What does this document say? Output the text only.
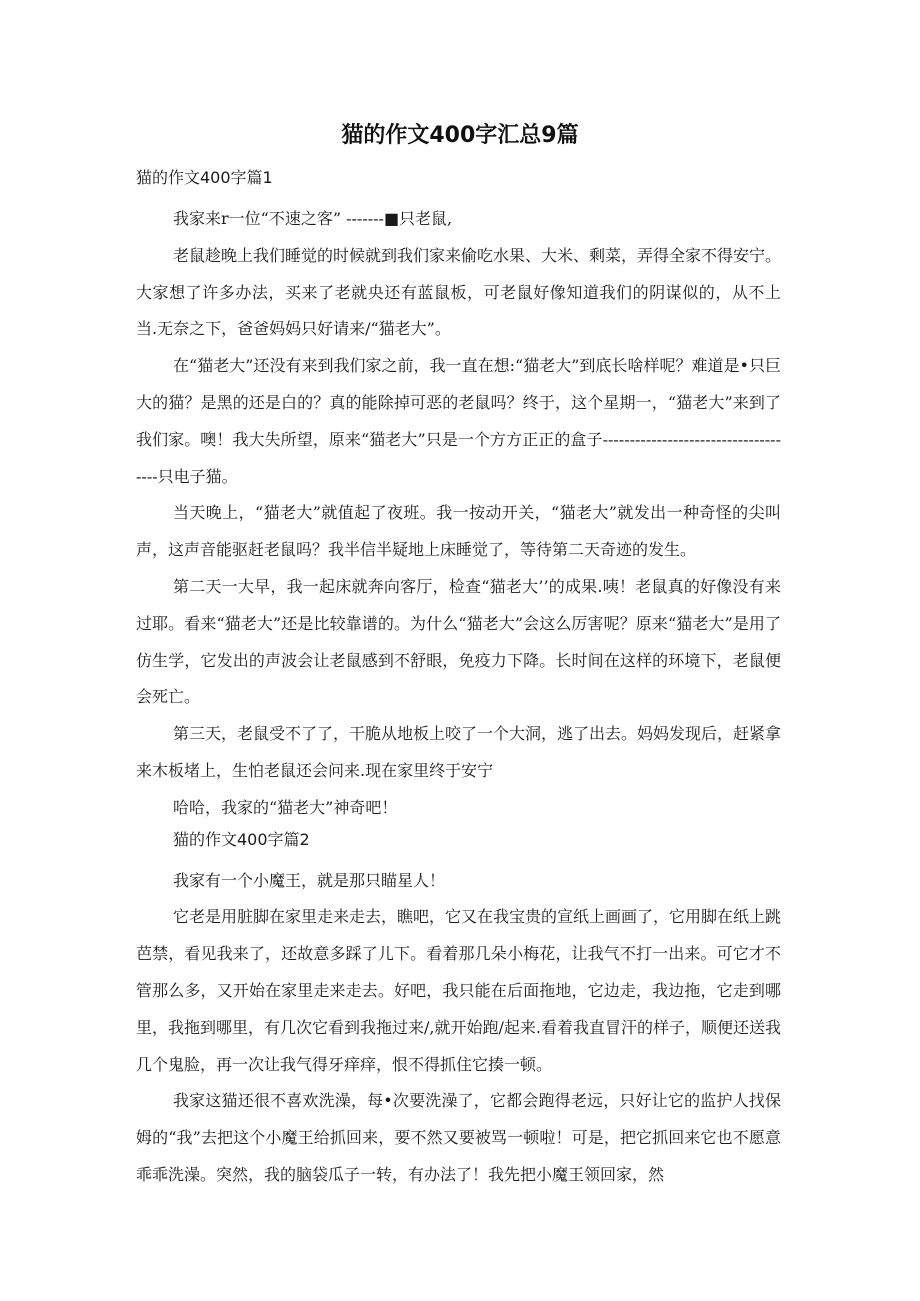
猫的作文400字汇总9篇
猫的作文400字篇1

我家来r一位“不速之客” -------■只老鼠,

老鼠趁晚上我们睡觉的时候就到我们家来偷吃水果、大米、剩菜，弄得全家不得安宁。大家想了许多办法，买来了老就央还有蓝鼠板，可老鼠好像知道我们的阴谋似的，从不上当.无奈之下，爸爸妈妈只好请来/“猫老大”。

在“猫老大”还没有来到我们家之前，我一直在想:“猫老大”到底长啥样呢？难道是•只巨大的猫？是黑的还是白的？真的能除掉可恶的老鼠吗？终于，这个星期一，“猫老大”来到了我们家。噢！我大失所望，原来“猫老大”只是一个方方正正的盒子-------------------------------------只电子猫。

当天晚上，“猫老大”就值起了夜班。我一按动开关，“猫老大”就发出一种奇怪的尖叫声，这声音能驱赶老鼠吗？我半信半疑地上床睡觉了，等待第二天奇迹的发生。

第二天一大早，我一起床就奔向客厅，检查“猫老大’’的成果.咦！老鼠真的好像没有来过耶。看来“猫老大”还是比较靠谱的。为什么“猫老大”会这么厉害呢？原来“猫老大”是用了仿生学，它发出的声波会让老鼠感到不舒眼，免疫力下降。长时间在这样的环境下，老鼠便会死亡。

第三天，老鼠受不了了，干脆从地板上咬了一个大洞，逃了出去。妈妈发现后，赶紧拿来木板堵上，生怕老鼠还会问来.现在家里终于安宁

哈哈，我家的“猫老大”神奇吧！

猫的作文400字篇2

我家有一个小魔王，就是那只瞄星人！

它老是用脏脚在家里走来走去，瞧吧，它又在我宝贵的宣纸上画画了，它用脚在纸上跳芭禁，看见我来了，还故意多踩了儿下。看着那几朵小梅花，让我气不打一出来。可它才不管那么多，又开始在家里走来走去。好吧，我只能在后面拖地，它边走，我边拖，它走到哪里，我拖到哪里，有几次它看到我拖过来/,就开始跑/起来.看着我直冒汗的样子，顺便还送我几个鬼脸，再一次让我气得牙痒痒，恨不得抓住它揍一顿。

我家这猫还很不喜欢洗澡，每•次要洗澡了，它都会跑得老远，只好让它的监护人找保姆的“我”去把这个小魔王给抓回来，要不然又要被骂一顿啦！可是，把它抓回来它也不愿意乖乖洗澡。突然，我的脑袋瓜子一转，有办法了！我先把小魔王领回家，然
